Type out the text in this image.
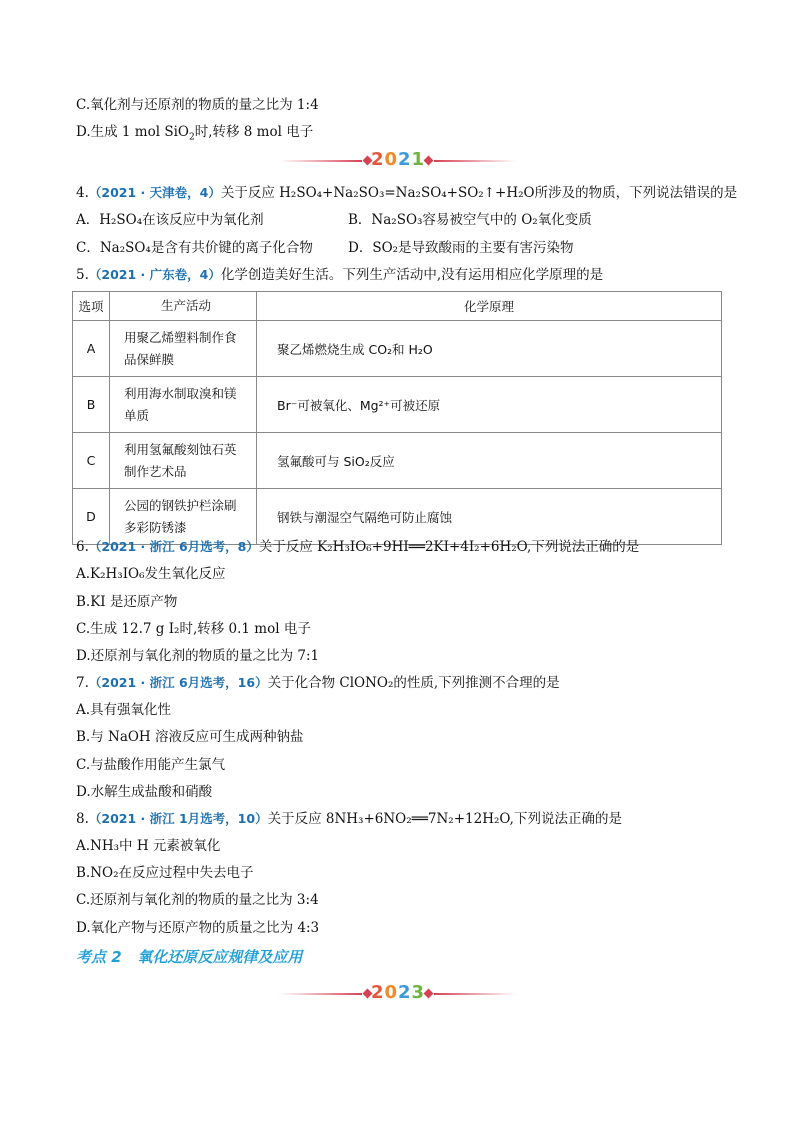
C.氧化剂与还原剂的物质的量之比为 1:4
D.生成 1 mol SiO$_2$时,转移 8 mol 电子
2021
4.（2021 · 天津卷，4）关于反应 H₂SO₄+Na₂SO₃=Na₂SO₄+SO₂↑+H₂O所涉及的物质，下列说法错误的是
A．H₂SO₄在该反应中为氧化剂	B．Na₂SO₃容易被空气中的 O₂氧化变质
C．Na₂SO₄是含有共价键的离子化合物	D．SO₂是导致酸雨的主要有害污染物
5.（2021 · 广东卷，4）化学创造美好生活。下列生产活动中,没有运用相应化学原理的是
选项	生产活动	化学原理
A	用聚乙烯塑料制作食品保鲜膜	聚乙烯燃烧生成 CO₂和 H₂O
B	利用海水制取溴和镁单质	Br⁻可被氧化、Mg²⁺可被还原
C	利用氢氟酸刻蚀石英制作艺术品	氢氟酸可与 SiO₂反应
D	公园的钢铁护栏涂刷多彩防锈漆	钢铁与潮湿空气隔绝可防止腐蚀
6.（2021 · 浙江 6月选考，8）关于反应 K₂H₃IO₆+9HI══2KI+4I₂+6H₂O,下列说法正确的是
A.K₂H₃IO₆发生氧化反应
B.KI 是还原产物
C.生成 12.7 g I₂时,转移 0.1 mol 电子
D.还原剂与氧化剂的物质的量之比为 7:1
7.（2021 · 浙江 6月选考，16）关于化合物 ClONO₂的性质,下列推测不合理的是
A.具有强氧化性
B.与 NaOH 溶液反应可生成两种钠盐
C.与盐酸作用能产生氯气
D.水解生成盐酸和硝酸
8.（2021 · 浙江 1月选考，10）关于反应 8NH₃+6NO₂══7N₂+12H₂O,下列说法正确的是
A.NH₃中 H 元素被氧化
B.NO₂在反应过程中失去电子
C.还原剂与氧化剂的物质的量之比为 3:4
D.氧化产物与还原产物的质量之比为 4:3
考点 2 氧化还原反应规律及应用
2023
